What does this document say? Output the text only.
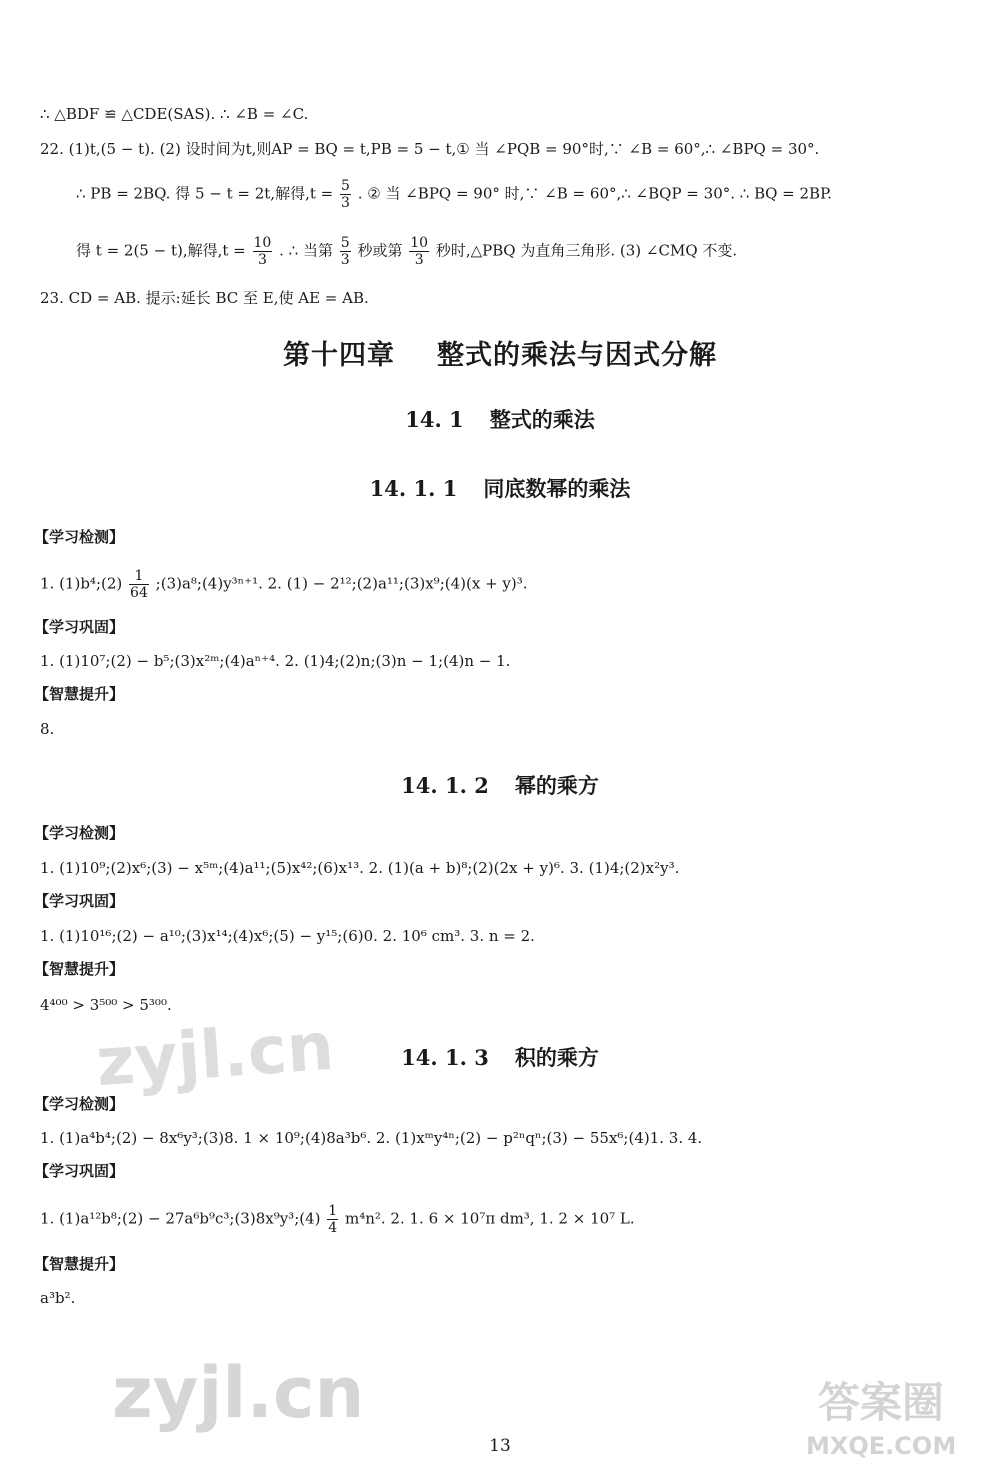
∴ △BDF ≌ △CDE(SAS). ∴ ∠B = ∠C.
22. (1)t,(5 − t). (2) 设时间为t,则AP = BQ = t,PB = 5 − t,① 当 ∠PQB = 90°时,∵ ∠B = 60°,∴ ∠BPQ = 30°.
∴ PB = 2BQ. 得 5 − t = 2t,解得$,t = \frac{5}{3}$ . ② 当 ∠BPQ = 90° 时,∵ ∠B = 60°,∴ ∠BQP = 30°. ∴ BQ = 2BP.
得 t = 2(5 − t),解得$,t = \frac{10}{3}$ . ∴ 当第 $\frac{5}{3}$ 秒或第 $\frac{10}{3}$ 秒时,△PBQ 为直角三角形. (3) ∠CMQ 不变.
23. CD = AB. 提示:延长 BC 至 E,使 AE = AB.
第十四章 整式的乘法与因式分解
14. 1 整式的乘法
14. 1. 1 同底数幂的乘法
【学习检测】
1. (1)b⁴;(2) $\frac{1}{64}$ ;(3)a⁸;(4)y³ⁿ⁺¹. 2. (1) − 2¹²;(2)a¹¹;(3)x⁹;(4)(x + y)³.
【学习巩固】
1. (1)10⁷;(2) − b⁵;(3)x²ᵐ;(4)aⁿ⁺⁴. 2. (1)4;(2)n;(3)n − 1;(4)n − 1.
【智慧提升】
8.
14. 1. 2 幂的乘方
【学习检测】
1. (1)10⁹;(2)x⁶;(3) − x⁵ᵐ;(4)a¹¹;(5)x⁴²;(6)x¹³. 2. (1)(a + b)⁸;(2)(2x + y)⁶. 3. (1)4;(2)x²y³.
【学习巩固】
1. (1)10¹⁶;(2) − a¹⁰;(3)x¹⁴;(4)x⁶;(5) − y¹⁵;(6)0. 2. 10⁶ cm³. 3. n = 2.
【智慧提升】
4⁴⁰⁰ > 3⁵⁰⁰ > 5³⁰⁰.
zyjl.cn	14. 1. 3 积的乘方
【学习检测】
1. (1)a⁴b⁴;(2) − 8x⁶y³;(3)8. 1 × 10⁹;(4)8a³b⁶. 2. (1)xᵐy⁴ⁿ;(2) − p²ⁿqⁿ;(3) − 55x⁶;(4)1. 3. 4.
【学习巩固】
1. (1)a¹²b⁸;(2) − 27a⁶b⁹c³;(3)8x⁹y³;(4) $\frac{1}{4} m^4n^2$. 2. 1. 6 × 10⁷π dm³, 1. 2 × 10⁷ L.
【智慧提升】
a³b².
zyjl.cn	答案圈
MXQE.COM
13
